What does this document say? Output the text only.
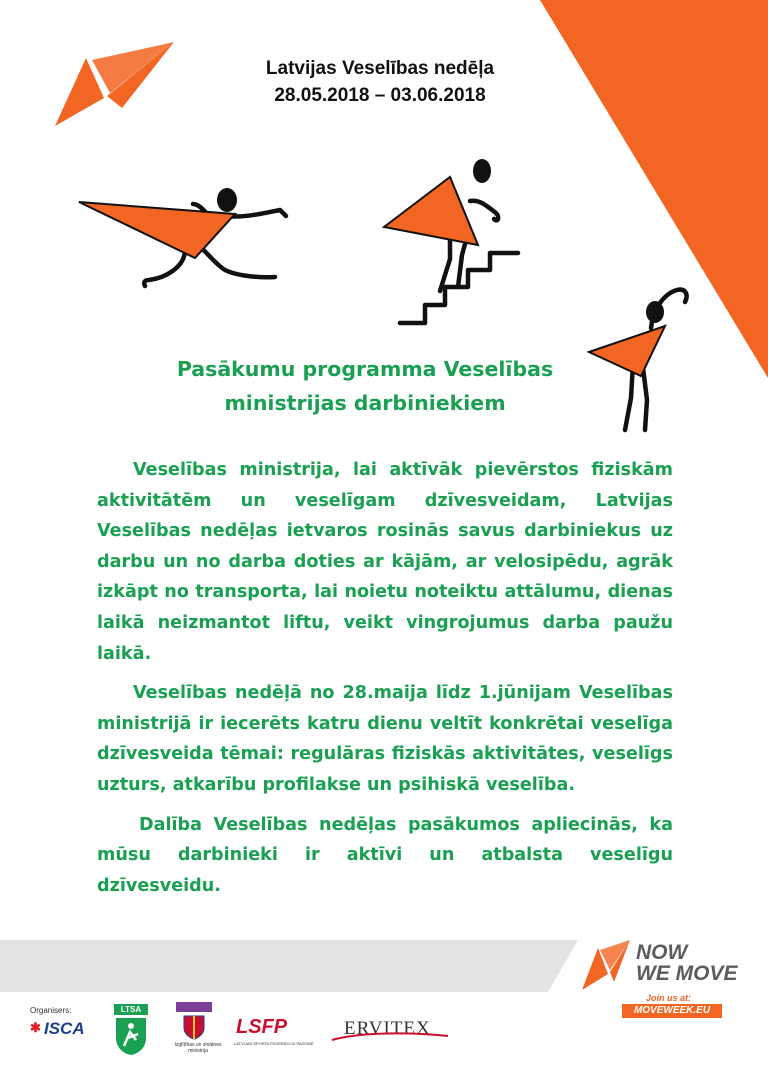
Latvijas Veselības nedēļa
28.05.2018 – 03.06.2018
Pasākumu programma Veselības
ministrijas darbiniekiem

Veselības ministrija, lai aktīvāk pievērstos fiziskām aktivitātēm un veselīgam dzīvesveidam, Latvijas Veselības nedēļas ietvaros rosinās savus darbiniekus uz darbu un no darba doties ar kājām, ar velosipēdu, agrāk izkāpt no transporta, lai noietu noteiktu attālumu, dienas laikā neizmantot liftu, veikt vingrojumus darba paužu laikā.

Veselības nedēļā no 28.maija līdz 1.jūnijam Veselības ministrijā ir iecerēts katru dienu veltīt konkrētai veselīga dzīvesveida tēmai: regulāras fiziskās aktivitātes, veselīgs uzturs, atkarību profilakse un psihiskā veselība.

Dalība Veselības nedēļas pasākumos apliecinās, ka mūsu darbinieki ir aktīvi un atbalsta veselīgu dzīvesveidu.

NOW
WE MOVE
Join us at:
MOVEWEEK.EU
Organisers:
✱ ISCA
LTSA
Izglītības un zinātnes
ministrija
LSFP
LATVIJAS SPORTA FEDERĀCIJU PADOME
ERVITEX
